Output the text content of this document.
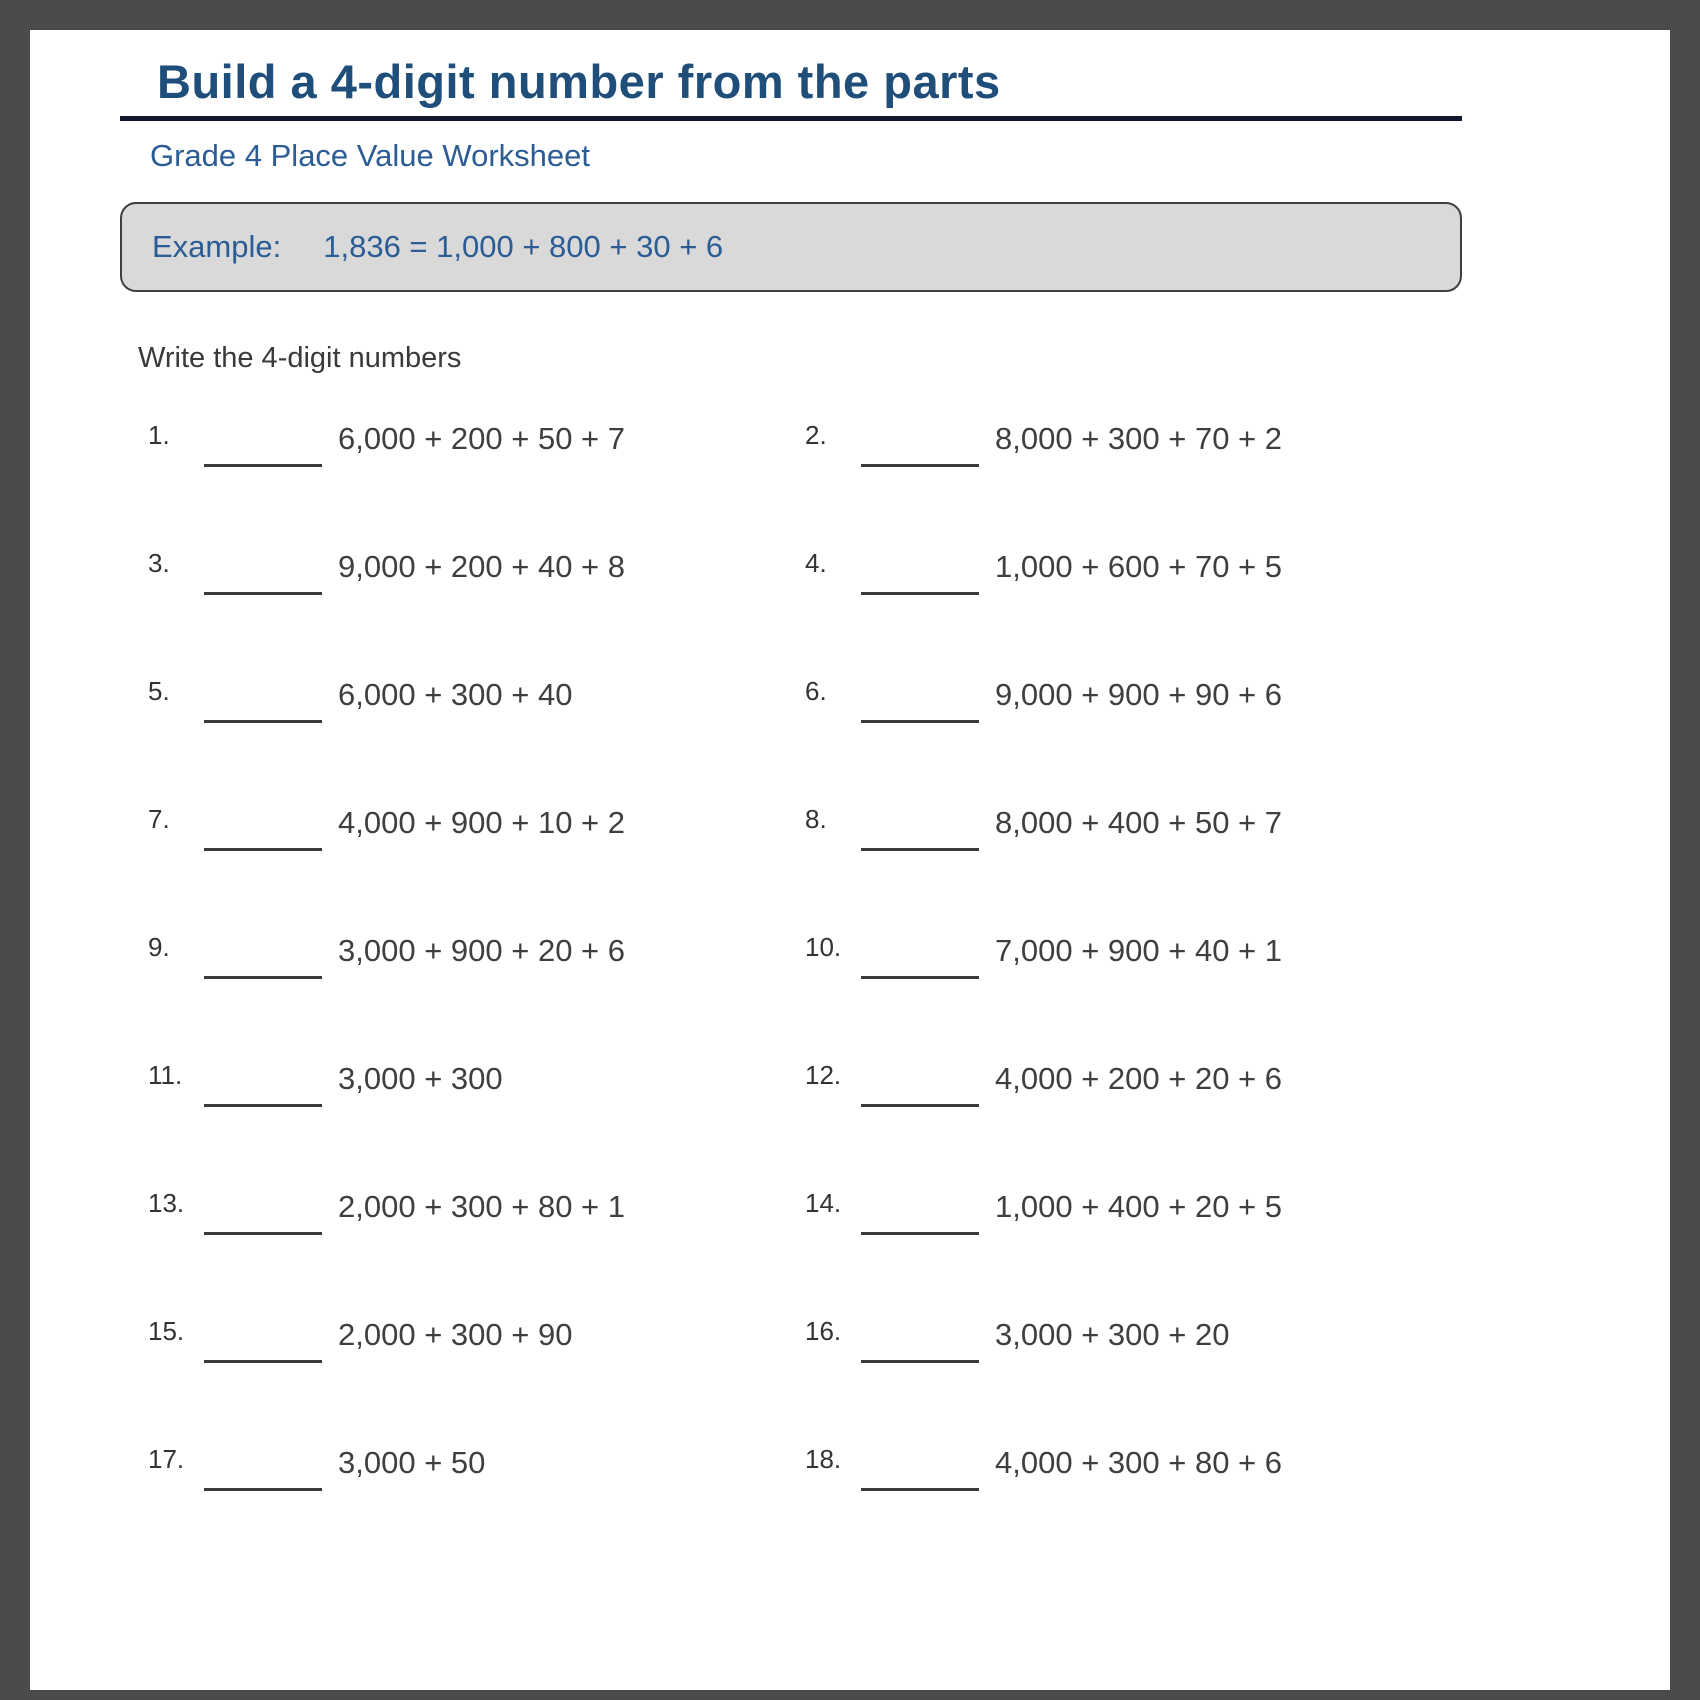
Build a 4-digit number from the parts
Grade 4 Place Value Worksheet
Example: 1,836 = 1,000 + 800 + 30 + 6
Write the 4-digit numbers
1.	6,000 + 200 + 50 + 7	2.	8,000 + 300 + 70 + 2
3.	9,000 + 200 + 40 + 8	4.	1,000 + 600 + 70 + 5
5.	6,000 + 300 + 40	6.	9,000 + 900 + 90 + 6
7.	4,000 + 900 + 10 + 2	8.	8,000 + 400 + 50 + 7
9.	3,000 + 900 + 20 + 6	10.	7,000 + 900 + 40 + 1
11.	3,000 + 300	12.	4,000 + 200 + 20 + 6
13.	2,000 + 300 + 80 + 1	14.	1,000 + 400 + 20 + 5
15.	2,000 + 300 + 90	16.	3,000 + 300 + 20
17.	3,000 + 50	18.	4,000 + 300 + 80 + 6
